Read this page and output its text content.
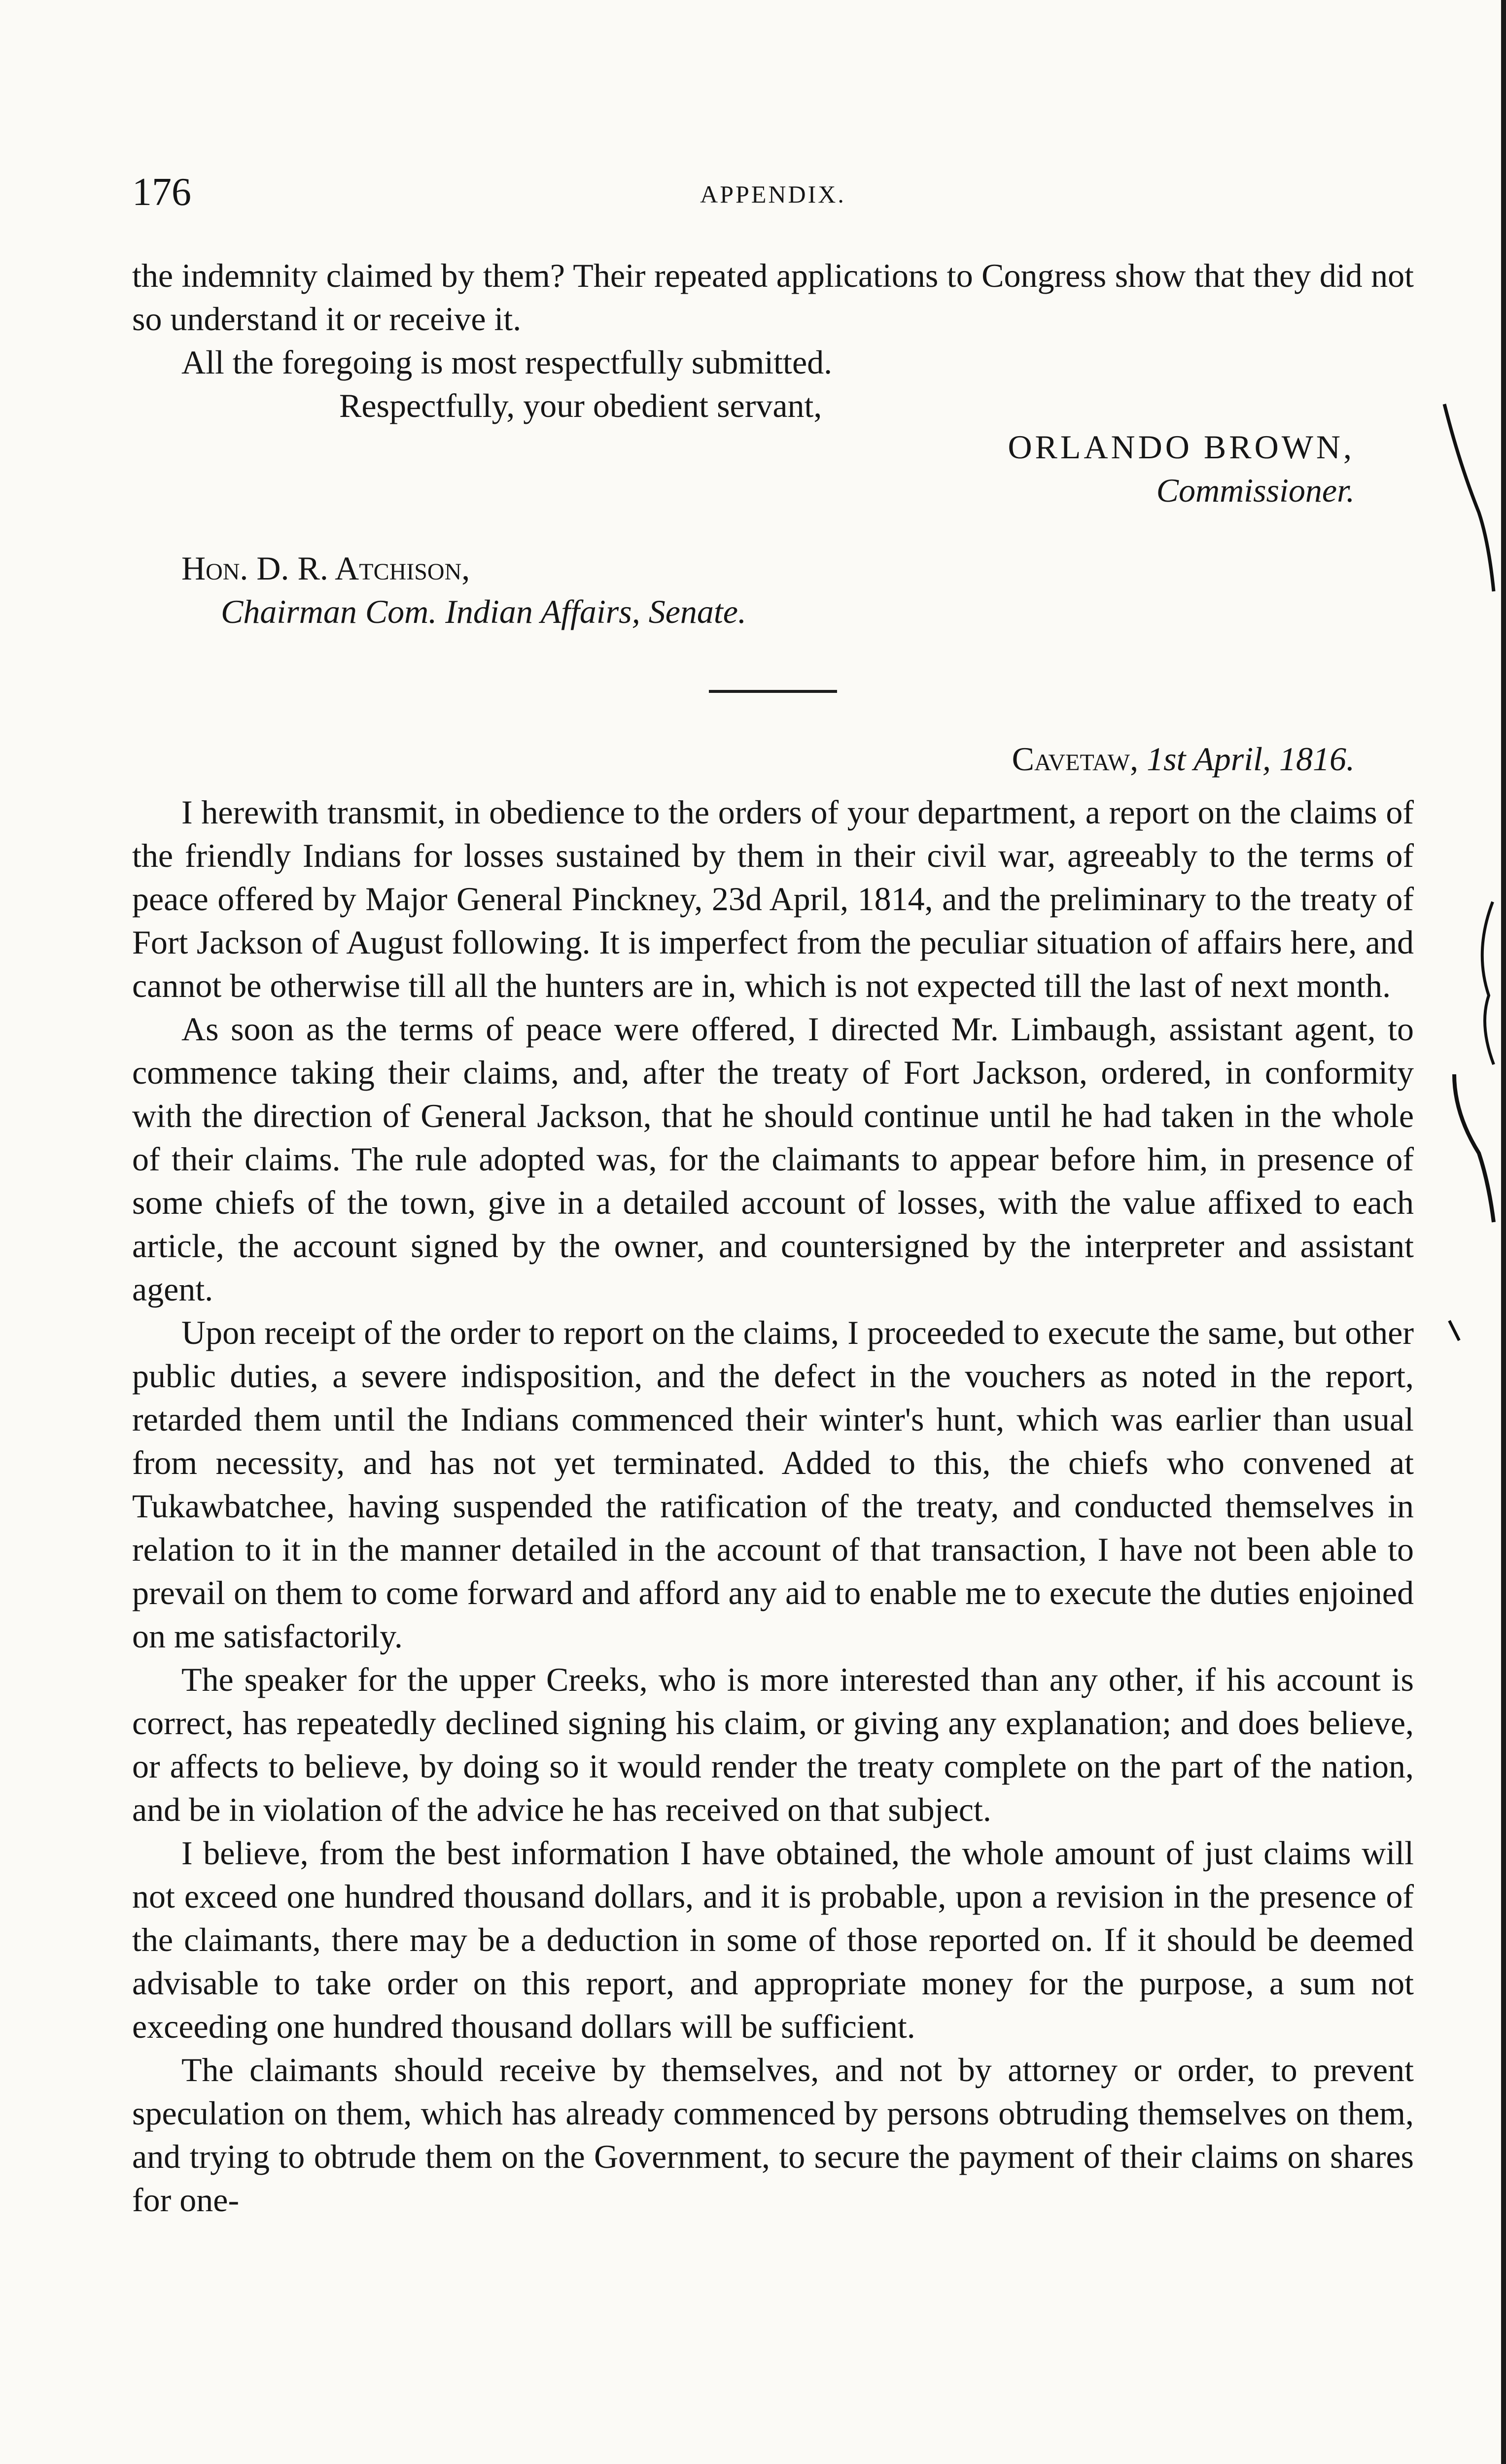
176	APPENDIX.

the indemnity claimed by them? Their repeated applications to Congress show that they did not so understand it or receive it.

All the foregoing is most respectfully submitted.

Respectfully, your obedient servant,

ORLANDO BROWN,

Commissioner.

Hon. D. R. Atchison,

Chairman Com. Indian Affairs, Senate.

Cavetaw, 1st April, 1816.

I herewith transmit, in obedience to the orders of your department, a report on the claims of the friendly Indians for losses sustained by them in their civil war, agreeably to the terms of peace offered by Major General Pinckney, 23d April, 1814, and the preliminary to the treaty of Fort Jackson of August following. It is imperfect from the peculiar situation of affairs here, and cannot be otherwise till all the hunters are in, which is not expected till the last of next month.

As soon as the terms of peace were offered, I directed Mr. Limbaugh, assistant agent, to commence taking their claims, and, after the treaty of Fort Jackson, ordered, in conformity with the direction of General Jackson, that he should continue until he had taken in the whole of their claims. The rule adopted was, for the claimants to appear before him, in presence of some chiefs of the town, give in a detailed account of losses, with the value affixed to each article, the account signed by the owner, and countersigned by the interpreter and assistant agent.

Upon receipt of the order to report on the claims, I proceeded to execute the same, but other public duties, a severe indisposition, and the defect in the vouchers as noted in the report, retarded them until the Indians commenced their winter's hunt, which was earlier than usual from necessity, and has not yet terminated. Added to this, the chiefs who convened at Tukawbatchee, having suspended the ratification of the treaty, and conducted themselves in relation to it in the manner detailed in the account of that transaction, I have not been able to prevail on them to come forward and afford any aid to enable me to execute the duties enjoined on me satisfactorily.

The speaker for the upper Creeks, who is more interested than any other, if his account is correct, has repeatedly declined signing his claim, or giving any explanation; and does believe, or affects to believe, by doing so it would render the treaty complete on the part of the nation, and be in violation of the advice he has received on that subject.

I believe, from the best information I have obtained, the whole amount of just claims will not exceed one hundred thousand dollars, and it is probable, upon a revision in the presence of the claimants, there may be a deduction in some of those reported on. If it should be deemed advisable to take order on this report, and appropriate money for the purpose, a sum not exceeding one hundred thousand dollars will be sufficient.

The claimants should receive by themselves, and not by attorney or order, to prevent speculation on them, which has already commenced by persons obtruding themselves on them, and trying to obtrude them on the Government, to secure the payment of their claims on shares for one-
